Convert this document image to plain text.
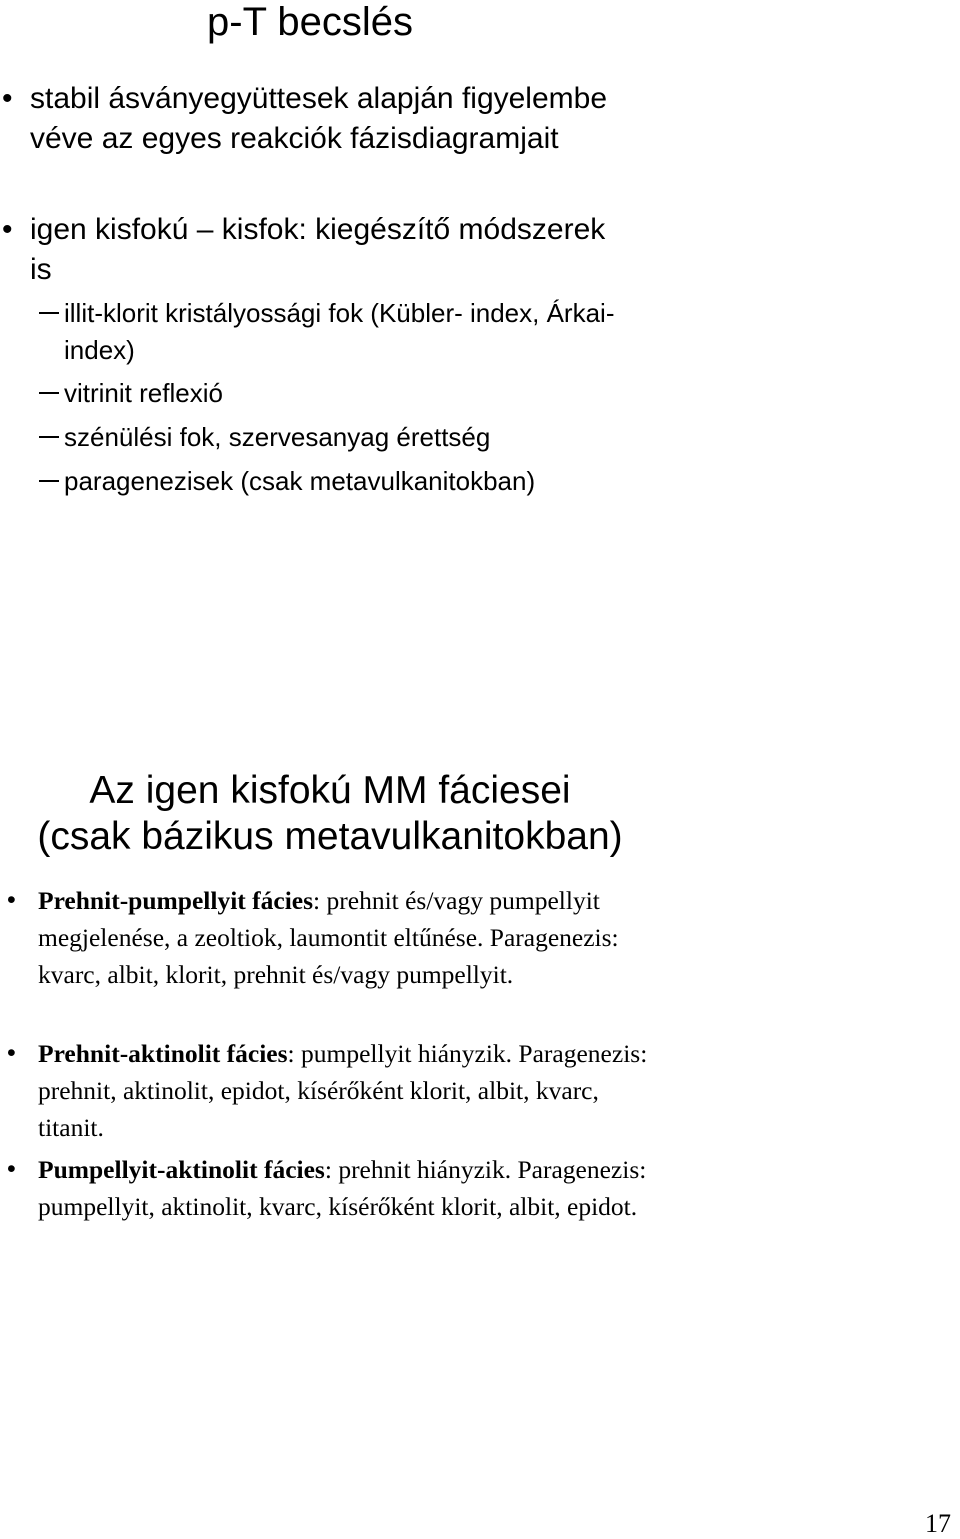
p-T becslés
• stabil ásványegyüttesek alapján figyelembe véve az egyes reakciók fázisdiagramjait
• igen kisfokú – kisfok: kiegészítő módszerek is
illit-klorit kristályossági fok (Kübler- index, Árkai-index)
vitrinit reflexió
szénülési fok, szervesanyag érettség
paragenezisek (csak metavulkanitokban)
Az igen kisfokú MM fáciesei
(csak bázikus metavulkanitokban)
• Prehnit-pumpellyit fácies: prehnit és/vagy pumpellyit megjelenése, a zeoltiok, laumontit eltűnése. Paragenezis: kvarc, albit, klorit, prehnit és/vagy pumpellyit.
• Prehnit-aktinolit fácies: pumpellyit hiányzik. Paragenezis: prehnit, aktinolit, epidot, kísérőként klorit, albit, kvarc, titanit.
• Pumpellyit-aktinolit fácies: prehnit hiányzik. Paragenezis: pumpellyit, aktinolit, kvarc, kísérőként klorit, albit, epidot.
17
